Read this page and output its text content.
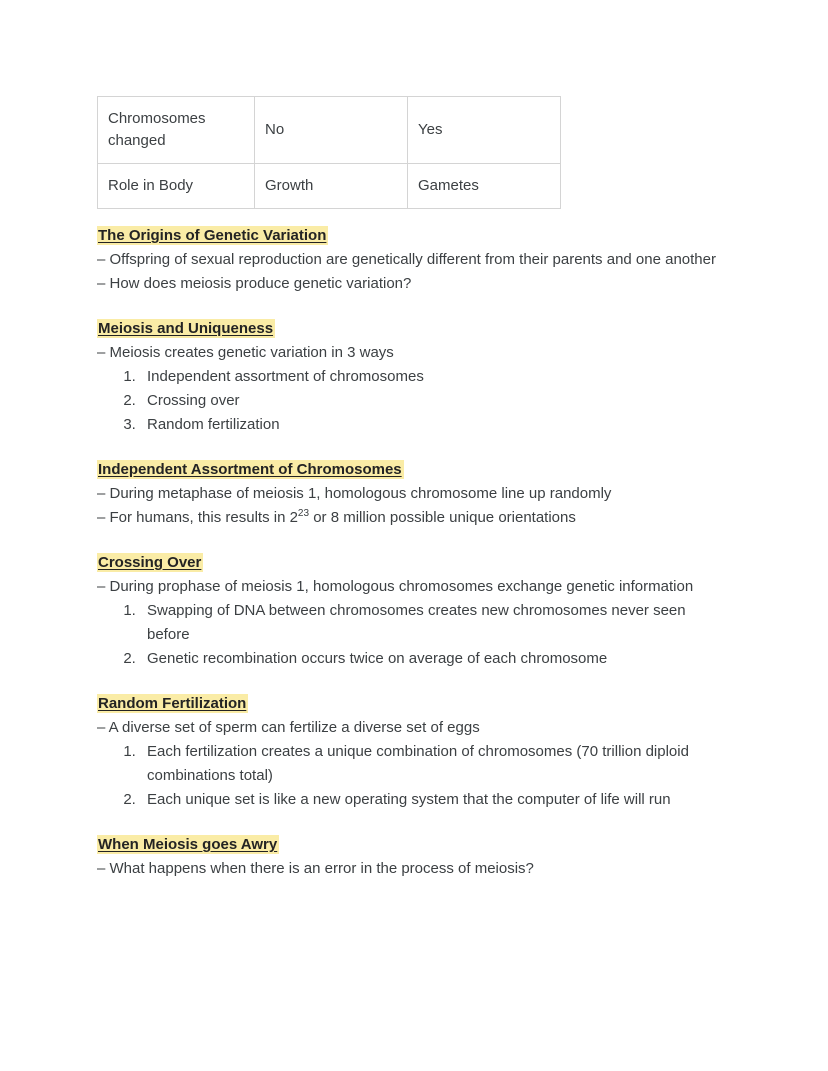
Chromosomes changed	No	Yes
Role in Body	Growth	Gametes

The Origins of Genetic Variation

– Offspring of sexual reproduction are genetically different from their parents and one another

– How does meiosis produce genetic variation?

Meiosis and Uniqueness

– Meiosis creates genetic variation in 3 ways

1. Independent assortment of chromosomes
2. Crossing over
3. Random fertilization

Independent Assortment of Chromosomes

– During metaphase of meiosis 1, homologous chromosome line up randomly

– For humans, this results in $2^{23}$ or 8 million possible unique orientations

Crossing Over

– During prophase of meiosis 1, homologous chromosomes exchange genetic information

1. Swapping of DNA between chromosomes creates new chromosomes never seen before
2. Genetic recombination occurs twice on average of each chromosome

Random Fertilization

– A diverse set of sperm can fertilize a diverse set of eggs

1. Each fertilization creates a unique combination of chromosomes (70 trillion diploid combinations total)
2. Each unique set is like a new operating system that the computer of life will run

When Meiosis goes Awry

– What happens when there is an error in the process of meiosis?
